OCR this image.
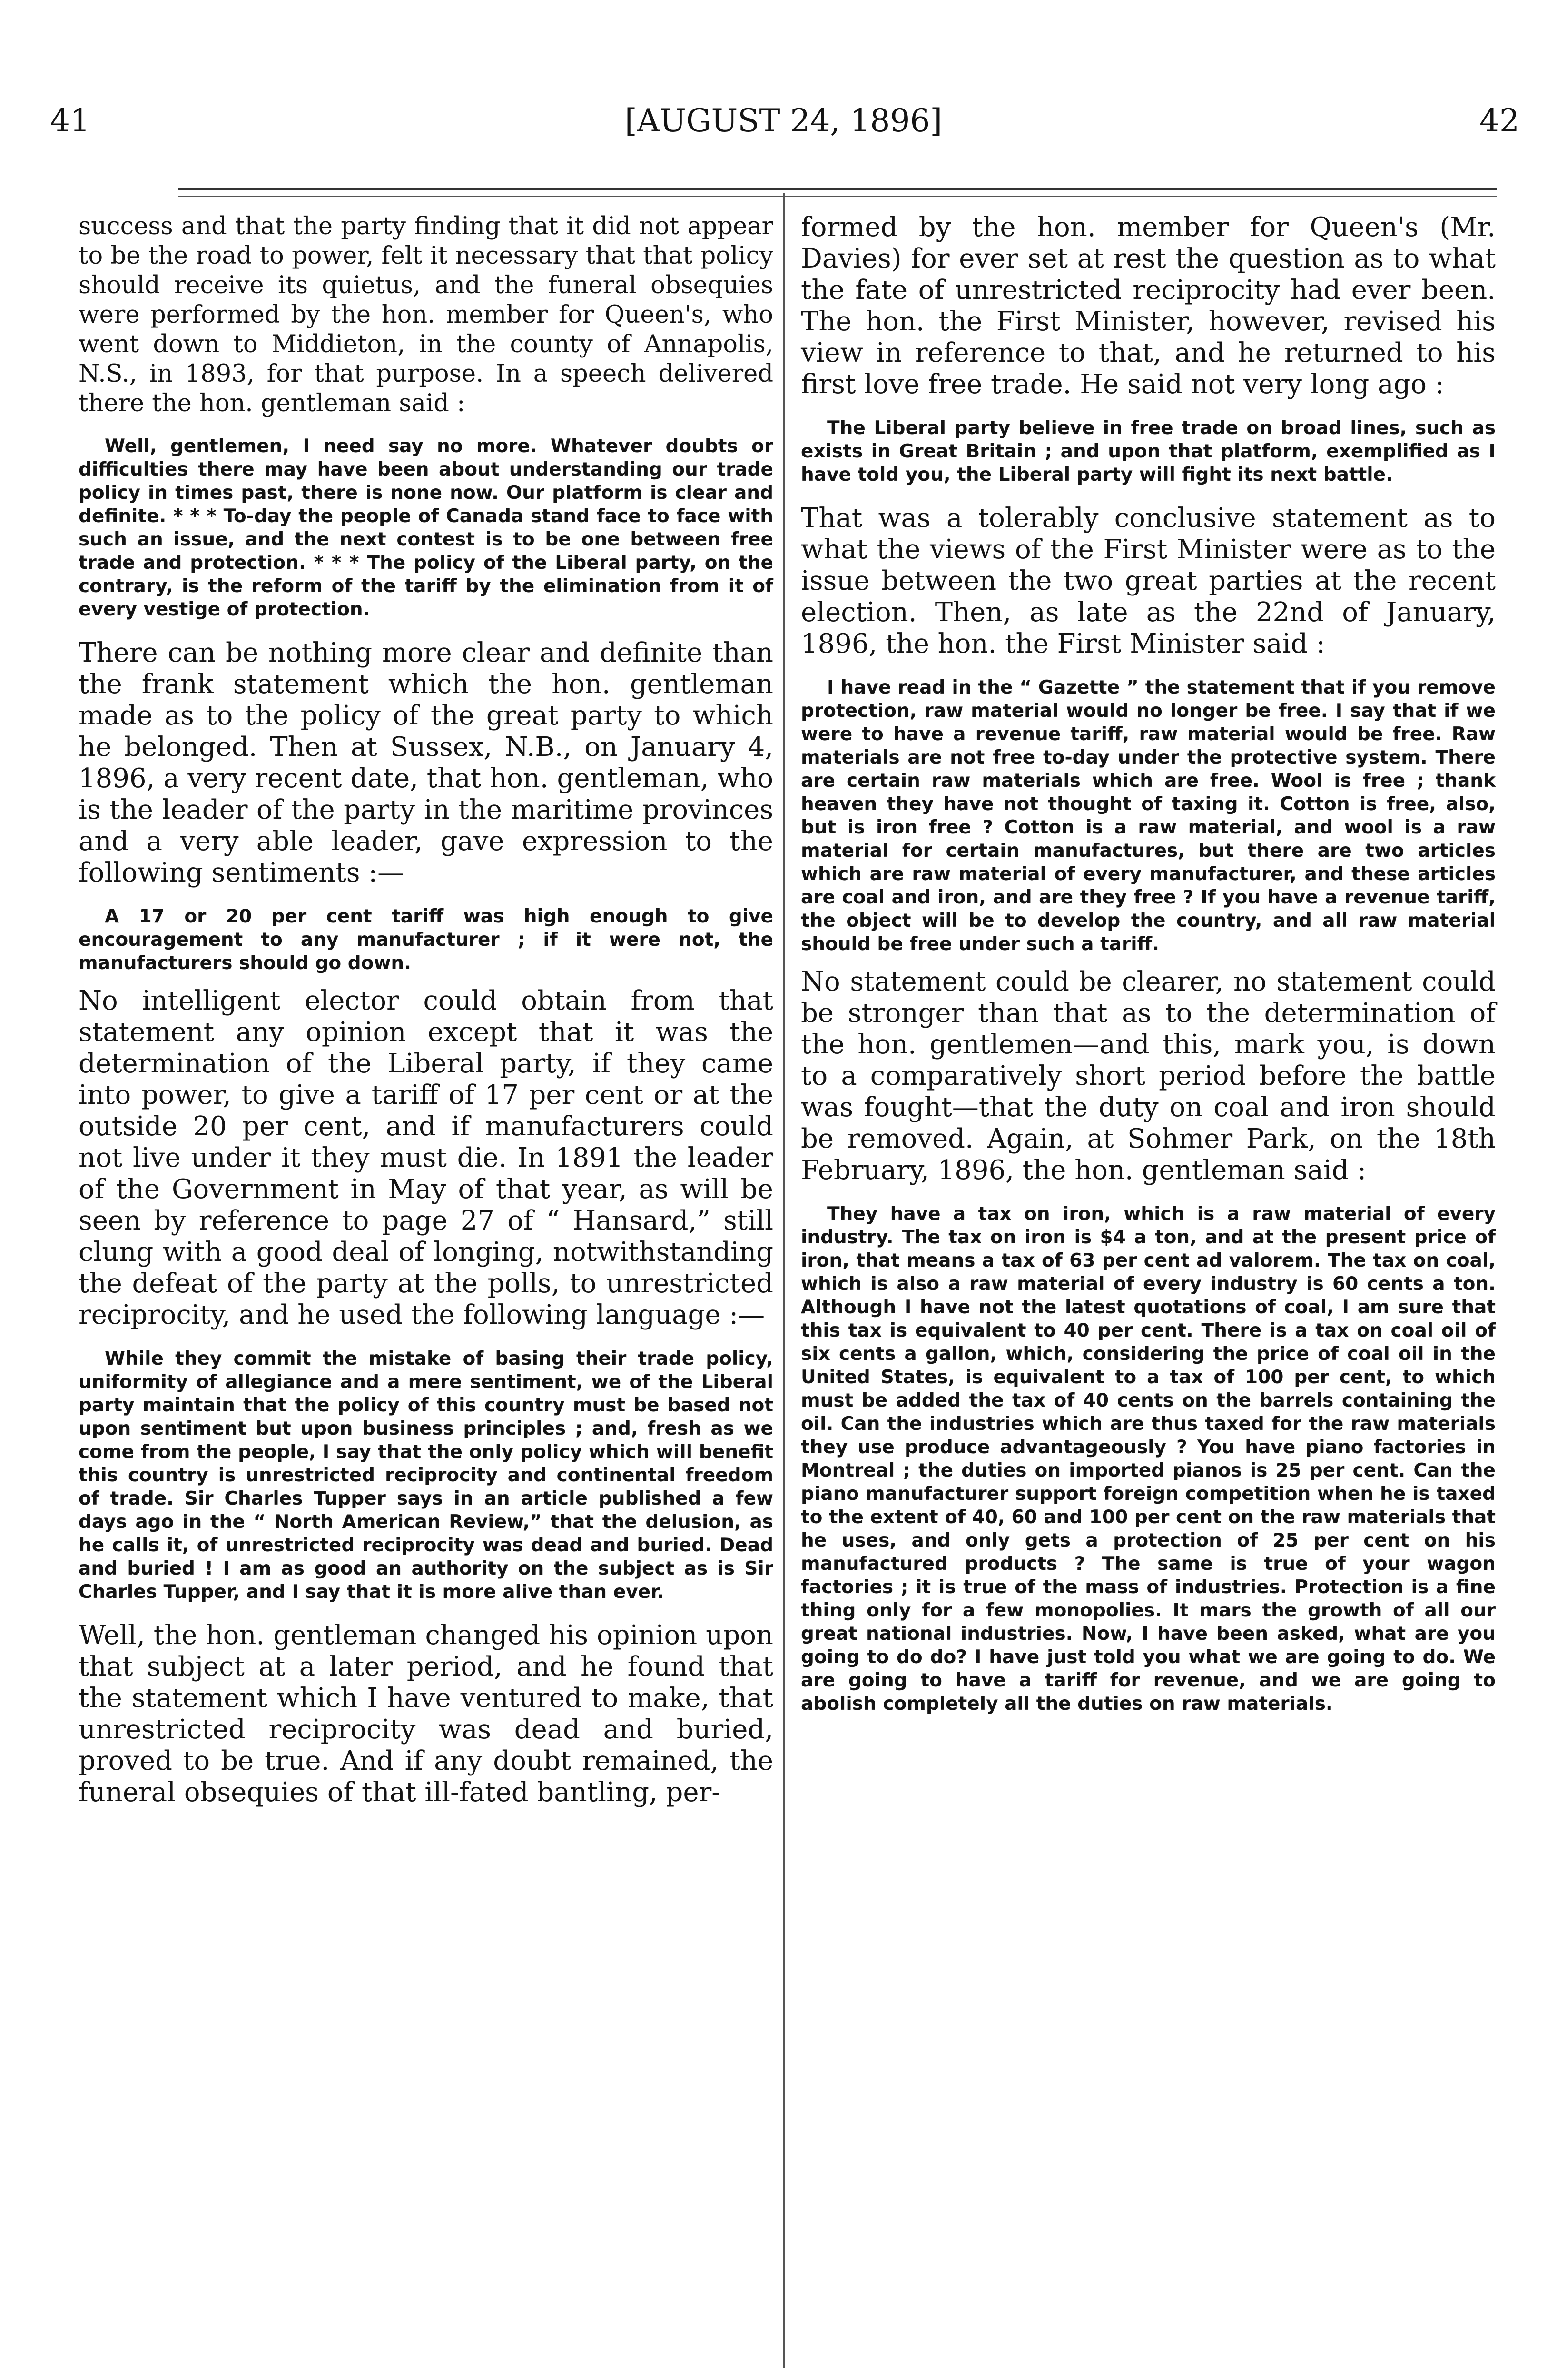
41	[AUGUST 24, 1896]	42

success and that the party finding that it did not appear to be the road to power, felt it necessary that that policy should receive its quietus, and the funeral obsequies were performed by the hon. member for Queen's, who went down to Middieton, in the county of Annapolis, N.S., in 1893, for that purpose. In a speech delivered there the hon. gentleman said :

Well, gentlemen, I need say no more. Whatever doubts or difficulties there may have been about understanding our trade policy in times past, there is none now. Our platform is clear and definite. * * * To-day the people of Canada stand face to face with such an issue, and the next contest is to be one between free trade and protection. * * * The policy of the Liberal party, on the contrary, is the reform of the tariff by the elimination from it of every vestige of protection.

There can be nothing more clear and definite than the frank statement which the hon. gentleman made as to the policy of the great party to which he belonged. Then at Sussex, N.B., on January 4, 1896, a very recent date, that hon. gentleman, who is the leader of the party in the maritime provinces and a very able leader, gave expression to the following sentiments :—

A 17 or 20 per cent tariff was high enough to give encouragement to any manufacturer ; if it were not, the manufacturers should go down.

No intelligent elector could obtain from that statement any opinion except that it was the determination of the Liberal party, if they came into power, to give a tariff of 17 per cent or at the outside 20 per cent, and if manufacturers could not live under it they must die. In 1891 the leader of the Government in May of that year, as will be seen by reference to page 27 of “ Hansard,” still clung with a good deal of longing, notwithstanding the defeat of the party at the polls, to unrestricted reciprocity, and he used the following language :—

While they commit the mistake of basing their trade policy, uniformity of allegiance and a mere sentiment, we of the Liberal party maintain that the policy of this country must be based not upon sentiment but upon business principles ; and, fresh as we come from the people, I say that the only policy which will benefit this country is unrestricted reciprocity and continental freedom of trade. Sir Charles Tupper says in an article published a few days ago in the “ North American Review,” that the delusion, as he calls it, of unrestricted reciprocity was dead and buried. Dead and buried ! I am as good an authority on the subject as is Sir Charles Tupper, and I say that it is more alive than ever.

Well, the hon. gentleman changed his opinion upon that subject at a later period, and he found that the statement which I have ventured to make, that unrestricted reciprocity was dead and buried, proved to be true. And if any doubt remained, the funeral obsequies of that ill-fated bantling, per-

formed by the hon. member for Queen's (Mr. Davies) for ever set at rest the question as to what the fate of unrestricted reciprocity had ever been. The hon. the First Minister, however, revised his view in reference to that, and he returned to his first love free trade. He said not very long ago :

The Liberal party believe in free trade on broad lines, such as exists in Great Britain ; and upon that platform, exemplified as I have told you, the Liberal party will fight its next battle.

That was a tolerably conclusive statement as to what the views of the First Minister were as to the issue between the two great parties at the recent election. Then, as late as the 22nd of January, 1896, the hon. the First Minister said :

I have read in the “ Gazette ” the statement that if you remove protection, raw material would no longer be free. I say that if we were to have a revenue tariff, raw material would be free. Raw materials are not free to-day under the protective system. There are certain raw materials which are free. Wool is free ; thank heaven they have not thought of taxing it. Cotton is free, also, but is iron free ? Cotton is a raw material, and wool is a raw material for certain manufactures, but there are two articles which are raw material of every manufacturer, and these articles are coal and iron, and are they free ? If you have a revenue tariff, the object will be to develop the country, and all raw material should be free under such a tariff.

No statement could be clearer, no statement could be stronger than that as to the determination of the hon. gentlemen—and this, mark you, is down to a comparatively short period before the battle was fought—that the duty on coal and iron should be removed. Again, at Sohmer Park, on the 18th February, 1896, the hon. gentleman said :

They have a tax on iron, which is a raw material of every industry. The tax on iron is $4 a ton, and at the present price of iron, that means a tax of 63 per cent ad valorem. The tax on coal, which is also a raw material of every industry is 60 cents a ton. Although I have not the latest quotations of coal, I am sure that this tax is equivalent to 40 per cent. There is a tax on coal oil of six cents a gallon, which, considering the price of coal oil in the United States, is equivalent to a tax of 100 per cent, to which must be added the tax of 40 cents on the barrels containing the oil. Can the industries which are thus taxed for the raw materials they use produce advantageously ? You have piano factories in Montreal ; the duties on imported pianos is 25 per cent. Can the piano manufacturer support foreign competition when he is taxed to the extent of 40, 60 and 100 per cent on the raw materials that he uses, and only gets a protection of 25 per cent on his manufactured products ? The same is true of your wagon factories ; it is true of the mass of industries. Protection is a fine thing only for a few monopolies. It mars the growth of all our great national industries. Now, I have been asked, what are you going to do do? I have just told you what we are going to do. We are going to have a tariff for revenue, and we are going to abolish completely all the duties on raw materials.
